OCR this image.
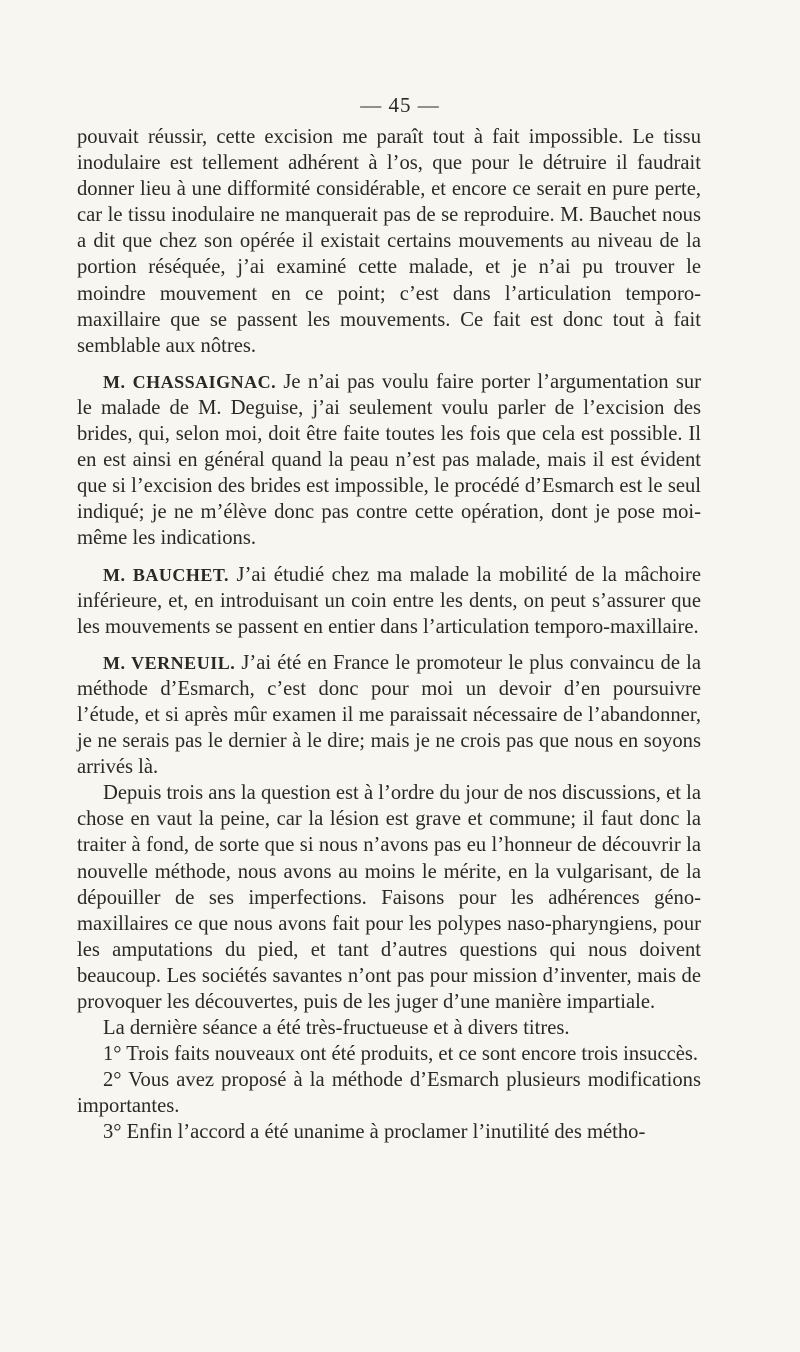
— 45 —

pouvait réussir, cette excision me paraît tout à fait impossible. Le tissu inodulaire est tellement adhérent à l’os, que pour le détruire il faudrait donner lieu à une difformité considérable, et encore ce serait en pure perte, car le tissu inodulaire ne manquerait pas de se reproduire. M. Bauchet nous a dit que chez son opérée il existait certains mouvements au niveau de la portion réséquée, j’ai examiné cette malade, et je n’ai pu trouver le moindre mouvement en ce point; c’est dans l’articulation temporo-maxillaire que se passent les mouvements. Ce fait est donc tout à fait semblable aux nôtres.

M. CHASSAIGNAC. Je n’ai pas voulu faire porter l’argumentation sur le malade de M. Deguise, j’ai seulement voulu parler de l’excision des brides, qui, selon moi, doit être faite toutes les fois que cela est possible. Il en est ainsi en général quand la peau n’est pas malade, mais il est évident que si l’excision des brides est impossible, le procédé d’Esmarch est le seul indiqué; je ne m’élève donc pas contre cette opération, dont je pose moi-même les indications.

M. BAUCHET. J’ai étudié chez ma malade la mobilité de la mâchoire inférieure, et, en introduisant un coin entre les dents, on peut s’assurer que les mouvements se passent en entier dans l’articulation temporo-maxillaire.

M. VERNEUIL. J’ai été en France le promoteur le plus convaincu de la méthode d’Esmarch, c’est donc pour moi un devoir d’en poursuivre l’étude, et si après mûr examen il me paraissait nécessaire de l’abandonner, je ne serais pas le dernier à le dire; mais je ne crois pas que nous en soyons arrivés là.

Depuis trois ans la question est à l’ordre du jour de nos discussions, et la chose en vaut la peine, car la lésion est grave et commune; il faut donc la traiter à fond, de sorte que si nous n’avons pas eu l’honneur de découvrir la nouvelle méthode, nous avons au moins le mérite, en la vulgarisant, de la dépouiller de ses imperfections. Faisons pour les adhérences géno-maxillaires ce que nous avons fait pour les polypes naso-pharyngiens, pour les amputations du pied, et tant d’autres questions qui nous doivent beaucoup. Les sociétés savantes n’ont pas pour mission d’inventer, mais de provoquer les découvertes, puis de les juger d’une manière impartiale.

La dernière séance a été très-fructueuse et à divers titres.

1° Trois faits nouveaux ont été produits, et ce sont encore trois insuccès.

2° Vous avez proposé à la méthode d’Esmarch plusieurs modifications importantes.

3° Enfin l’accord a été unanime à proclamer l’inutilité des métho-
